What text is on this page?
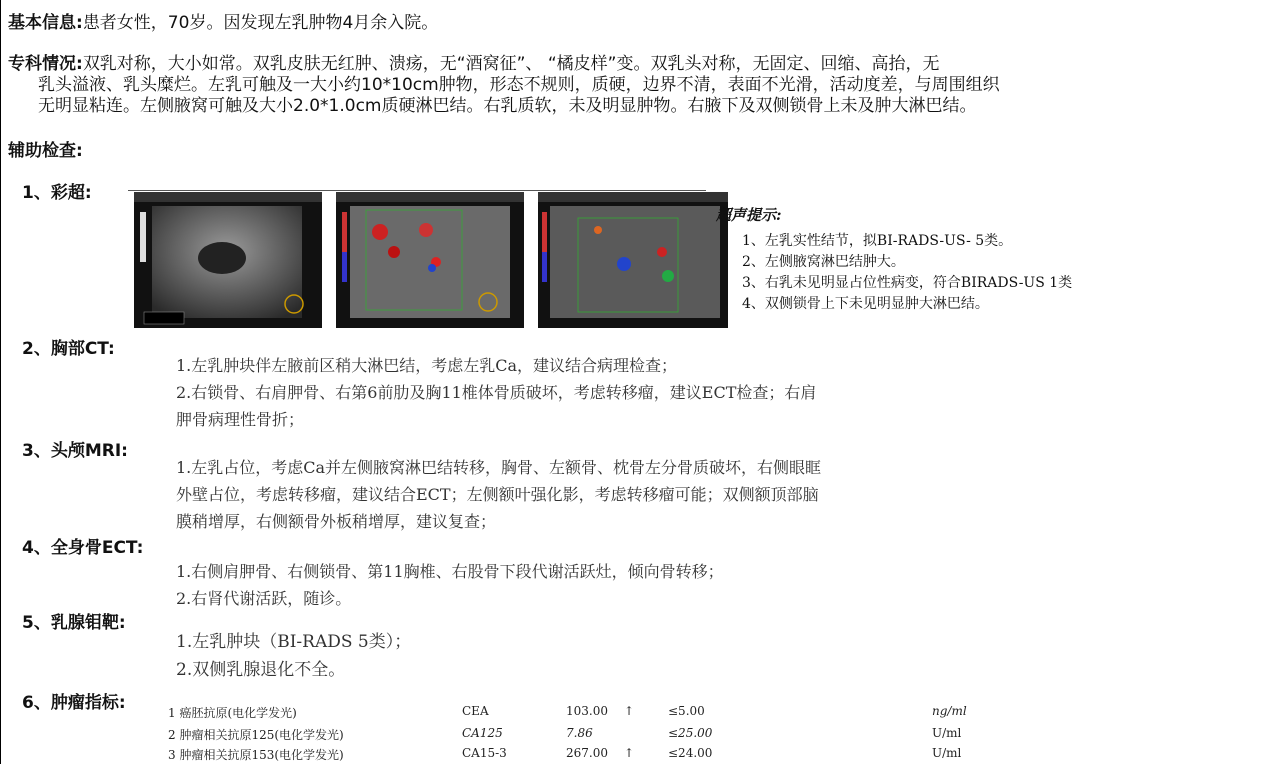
基本信息:患者女性，70岁。因发现左乳肿物4月余入院。
专科情况:双乳对称，大小如常。双乳皮肤无红肿、溃疡，无“酒窝征”、 “橘皮样”变。双乳头对称，无固定、回缩、高抬，无
乳头溢液、乳头糜烂。左乳可触及一大小约10*10cm肿物，形态不规则，质硬，边界不清，表面不光滑，活动度差，与周围组织
无明显粘连。左侧腋窝可触及大小2.0*1.0cm质硬淋巴结。右乳质软，未及明显肿物。右腋下及双侧锁骨上未及肿大淋巴结。
辅助检查:
1、彩超:
超声提示:
1、左乳实性结节，拟BI-RADS-US- 5类。
2、左侧腋窝淋巴结肿大。
3、右乳未见明显占位性病变，符合BIRADS-US 1类
4、双侧锁骨上下未见明显肿大淋巴结。
2、胸部CT:
1.左乳肿块伴左腋前区稍大淋巴结，考虑左乳Ca，建议结合病理检查；
2.右锁骨、右肩胛骨、右第6前肋及胸11椎体骨质破坏，考虑转移瘤，建议ECT检查；右肩
胛骨病理性骨折；
3、头颅MRI:
1.左乳占位，考虑Ca并左侧腋窝淋巴结转移，胸骨、左额骨、枕骨左分骨质破坏，右侧眼眶
外壁占位，考虑转移瘤，建议结合ECT；左侧额叶强化影，考虑转移瘤可能；双侧额顶部脑
膜稍增厚，右侧额骨外板稍增厚，建议复查；
4、全身骨ECT:
1.右侧肩胛骨、右侧锁骨、第11胸椎、右股骨下段代谢活跃灶，倾向骨转移；
2.右肾代谢活跃，随诊。
5、乳腺钼靶:
1.左乳肿块（BI-RADS 5类）；
2.双侧乳腺退化不全。
6、肿瘤指标:	1 癌胚抗原(电化学发光)	CEA	103.00 ↑	≤5.00	ng/ml
2 肿瘤相关抗原125(电化学发光)	CA125	7.86	≤25.00	U/ml
3 肿瘤相关抗原153(电化学发光)	CA15-3	267.00 ↑	≤24.00	U/ml
